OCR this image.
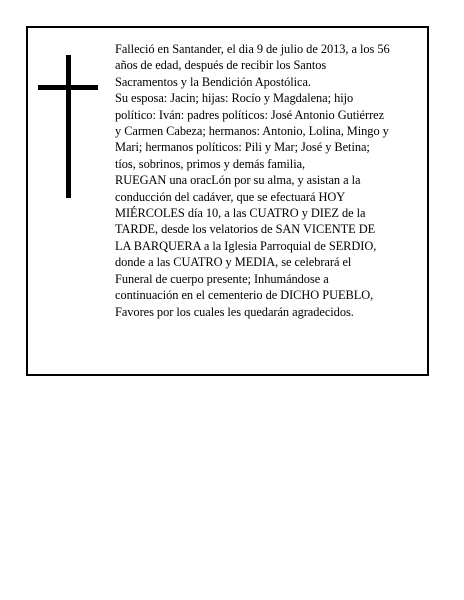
Falleció en Santander, el dia 9 de julio de 2013, a los 56
años de edad, después de recibir los Santos
Sacramentos y la Bendición Apostólica.
Su esposa: Jacin; hijas: Rocío y Magdalena; hijo
político: Iván: padres políticos: José Antonio Gutiérrez
y Carmen Cabeza; hermanos: Antonio, Lolina, Mingo y
Mari; hermanos políticos: Pili y Mar; José y Betina;
tíos, sobrinos, primos y demás familia,
RUEGAN una oracLón por su alma, y asistan a la
conducción del cadáver, que se efectuará HOY
MIÉRCOLES día 10, a las CUATRO y DIEZ de la
TARDE, desde los velatorios de SAN VICENTE DE
LA BARQUERA a la Iglesia Parroquial de SERDIO,
donde a las CUATRO y MEDIA, se celebrará el
Funeral de cuerpo presente; Inhumándose a
continuación en el cementerio de DICHO PUEBLO,
Favores por los cuales les quedarán agradecidos.
